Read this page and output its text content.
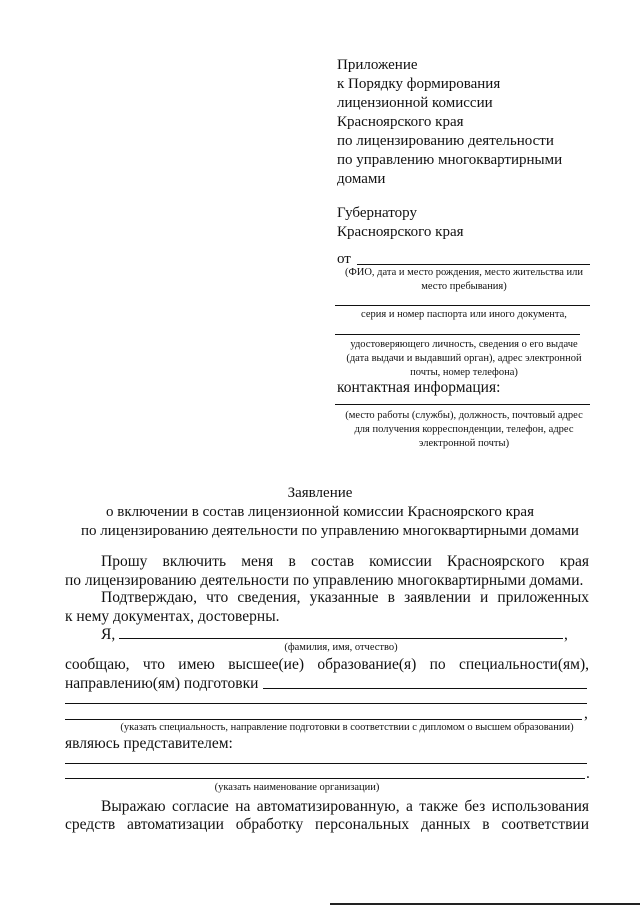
Приложение
к Порядку формирования
лицензионной комиссии
Красноярского края
по лицензированию деятельности
по управлению многоквартирными
домами
Губернатору
Красноярского края
от
(ФИО, дата и место рождения, место жительства или
место пребывания)
серия и номер паспорта или иного документа,
удостоверяющего личность, сведения о его выдаче
(дата выдачи и выдавший орган), адрес электронной
почты, номер телефона)
контактная информация:
(место работы (службы), должность, почтовый адрес
для получения корреспонденции, телефон, адрес
электронной почты)
Заявление
о включении в состав лицензионной комиссии Красноярского края
по лицензированию деятельности по управлению многоквартирными домами
Прошу включить меня в состав комиссии Красноярского края
по лицензированию деятельности по управлению многоквартирными домами.
Подтверждаю, что сведения, указанные в заявлении и приложенных
к нему документах, достоверны.
Я,	,
(фамилия, имя, отчество)
сообщаю, что имею высшее(ие) образование(я) по специальности(ям),
направлению(ям) подготовки
,
(указать специальность, направление подготовки в соответствии с дипломом о высшем образовании)
являюсь представителем:
.
(указать наименование организации)
Выражаю согласие на автоматизированную, а также без использования
средств автоматизации обработку персональных данных в соответствии
